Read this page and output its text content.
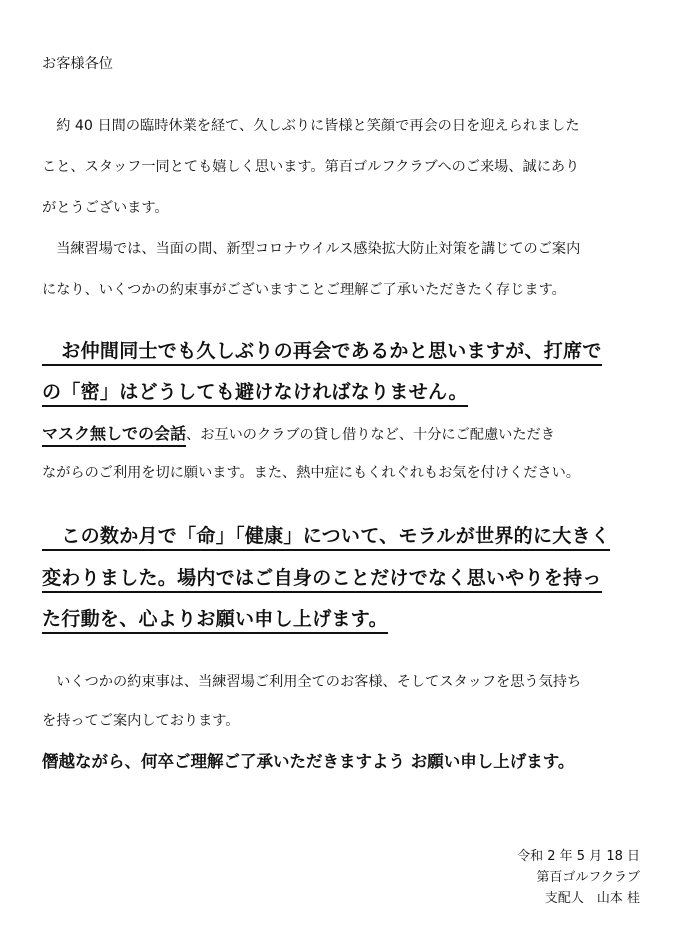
お客様各位
　約 40 日間の臨時休業を経て、久しぶりに皆様と笑顔で再会の日を迎えられました
こと、スタッフ一同とても嬉しく思います。第百ゴルフクラブへのご来場、誠にあり
がとうございます。
　当練習場では、当面の間、新型コロナウイルス感染拡大防止対策を講じてのご案内
になり、いくつかの約束事がございますことご理解ご了承いただきたく存じます。
　お仲間同士でも久しぶりの再会であるかと思いますが、打席で
の「密」はどうしても避けなければなりません。
マスク無しでの会話、お互いのクラブの貸し借りなど、十分にご配慮いただき
ながらのご利用を切に願います。また、熱中症にもくれぐれもお気を付けください。
　この数か月で「命」「健康」について、モラルが世界的に大きく
変わりました。場内ではご自身のことだけでなく思いやりを持っ
た行動を、心よりお願い申し上げます。
　いくつかの約束事は、当練習場ご利用全てのお客様、そしてスタッフを思う気持ち
を持ってご案内しております。
僭越ながら、何卒ご理解ご了承いただきますよう お願い申し上げます。
令和 2 年 5 月 18 日
第百ゴルフクラブ
支配人　山本 桂
